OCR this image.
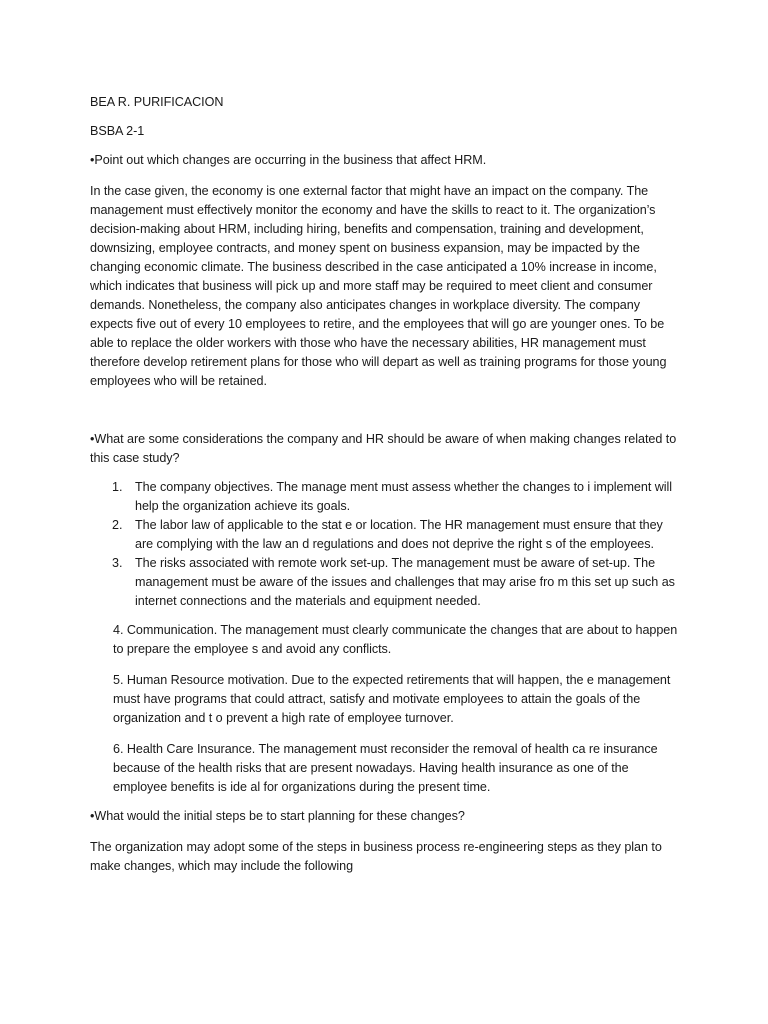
BEA R. PURIFICACION

BSBA 2-1

•Point out which changes are occurring in the business that affect HRM.

In the case given, the economy is one external factor that might have an impact on the company. The management must effectively monitor the economy and have the skills to react to it. The organization’s decision-making about HRM, including hiring, benefits and compensation, training and development, downsizing, employee contracts, and money spent on business expansion, may be impacted by the changing economic climate. The business described in the case anticipated a 10% increase in income, which indicates that business will pick up and more staff may be required to meet client and consumer demands. Nonetheless, the company also anticipates changes in workplace diversity. The company expects five out of every 10 employees to retire, and the employees that will go are younger ones. To be able to replace the older workers with those who have the necessary abilities, HR management must therefore develop retirement plans for those who will depart as well as training programs for those young employees who will be retained.

•What are some considerations the company and HR should be aware of when making changes related to this case study?

1. The company objectives. The manage ment must assess whether the changes to i implement will help the organization achieve its goals.
2. The labor law of applicable to the stat e or location. The HR management must ensure that they are complying with the law an d regulations and does not deprive the right s of the employees.
3. The risks associated with remote work set-up. The management must be aware of set-up. The management must be aware of the issues and challenges that may arise fro m this set up such as internet connections and the materials and equipment needed.

4. Communication. The management must clearly communicate the changes that are about to happen to prepare the employee s and avoid any conflicts.

5. Human Resource motivation. Due to the expected retirements that will happen, the e management must have programs that could attract, satisfy and motivate employees to attain the goals of the organization and t o prevent a high rate of employee turnover.

6. Health Care Insurance. The management must reconsider the removal of health ca re insurance because of the health risks that are present nowadays. Having health insurance as one of the employee benefits is ide al for organizations during the present time.

•What would the initial steps be to start planning for these changes?

The organization may adopt some of the steps in business process re-engineering steps as they plan to make changes, which may include the following
